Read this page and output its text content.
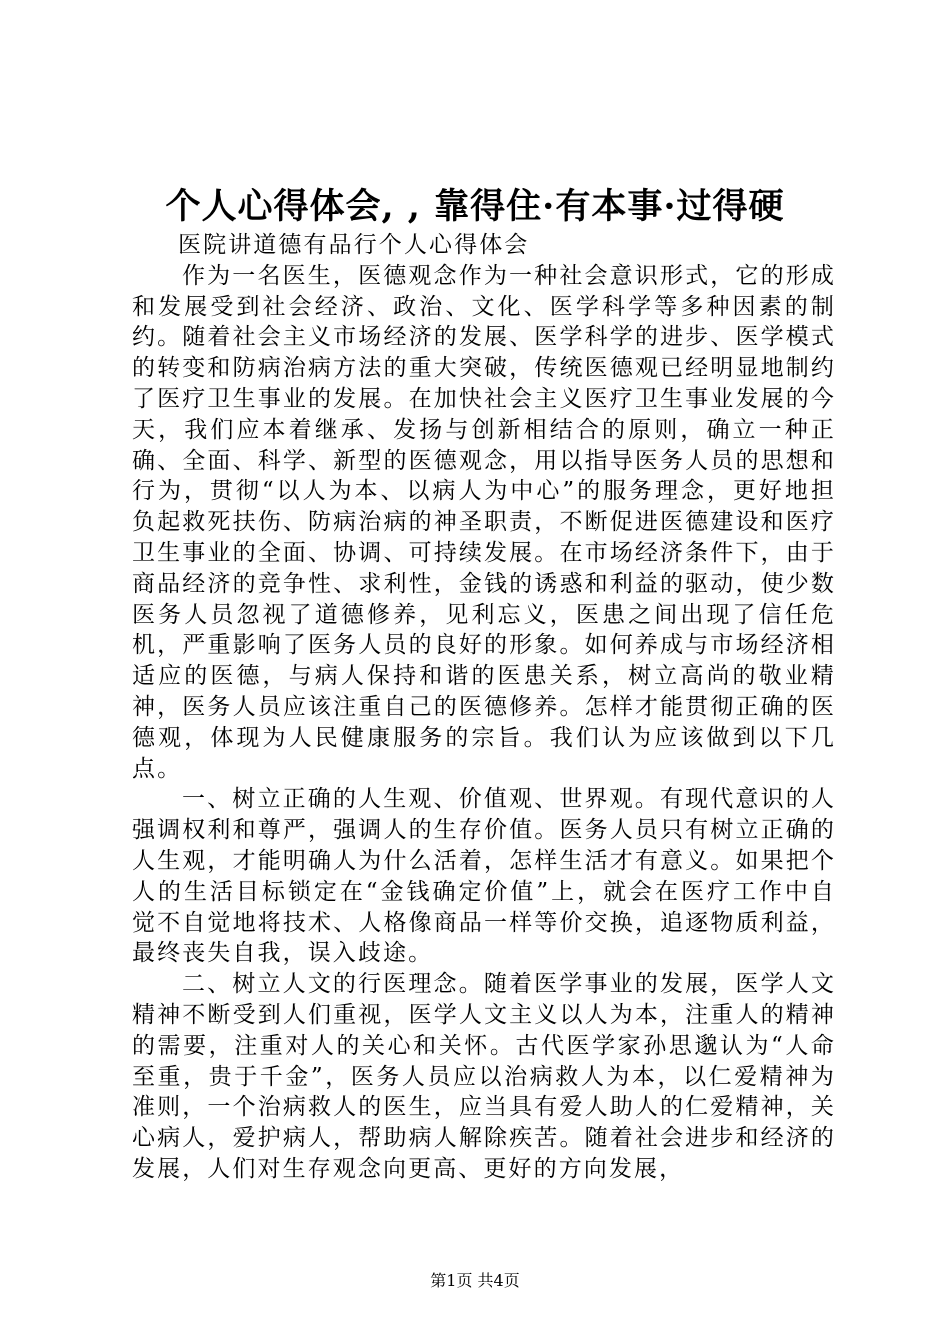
个人心得体会, , 靠得住·有本事·过得硬

医院讲道德有品行个人心得体会

作为一名医生，医德观念作为一种社会意识形式，它的形成和发展受到社会经济、政治、文化、医学科学等多种因素的制约。随着社会主义市场经济的发展、医学科学的进步、医学模式的转变和防病治病方法的重大突破，传统医德观已经明显地制约了医疗卫生事业的发展。在加快社会主义医疗卫生事业发展的今天，我们应本着继承、发扬与创新相结合的原则，确立一种正确、全面、科学、新型的医德观念，用以指导医务人员的思想和行为，贯彻“以人为本、以病人为中心”的服务理念，更好地担负起救死扶伤、防病治病的神圣职责，不断促进医德建设和医疗卫生事业的全面、协调、可持续发展。在市场经济条件下，由于商品经济的竞争性、求利性，金钱的诱惑和利益的驱动，使少数医务人员忽视了道德修养，见利忘义，医患之间出现了信任危机，严重影响了医务人员的良好的形象。如何养成与市场经济相适应的医德，与病人保持和谐的医患关系，树立高尚的敬业精神，医务人员应该注重自己的医德修养。怎样才能贯彻正确的医德观，体现为人民健康服务的宗旨。我们认为应该做到以下几点。

一、树立正确的人生观、价值观、世界观。有现代意识的人强调权利和尊严，强调人的生存价值。医务人员只有树立正确的人生观，才能明确人为什么活着，怎样生活才有意义。如果把个人的生活目标锁定在“金钱确定价值”上，就会在医疗工作中自觉不自觉地将技术、人格像商品一样等价交换，追逐物质利益，最终丧失自我，误入歧途。

二、树立人文的行医理念。随着医学事业的发展，医学人文精神不断受到人们重视，医学人文主义以人为本，注重人的精神的需要，注重对人的关心和关怀。古代医学家孙思邈认为“人命至重，贵于千金”，医务人员应以治病救人为本，以仁爱精神为准则，一个治病救人的医生，应当具有爱人助人的仁爱精神，关心病人，爱护病人，帮助病人解除疾苦。随着社会进步和经济的发展，人们对生存观念向更高、更好的方向发展，

第1页 共4页
